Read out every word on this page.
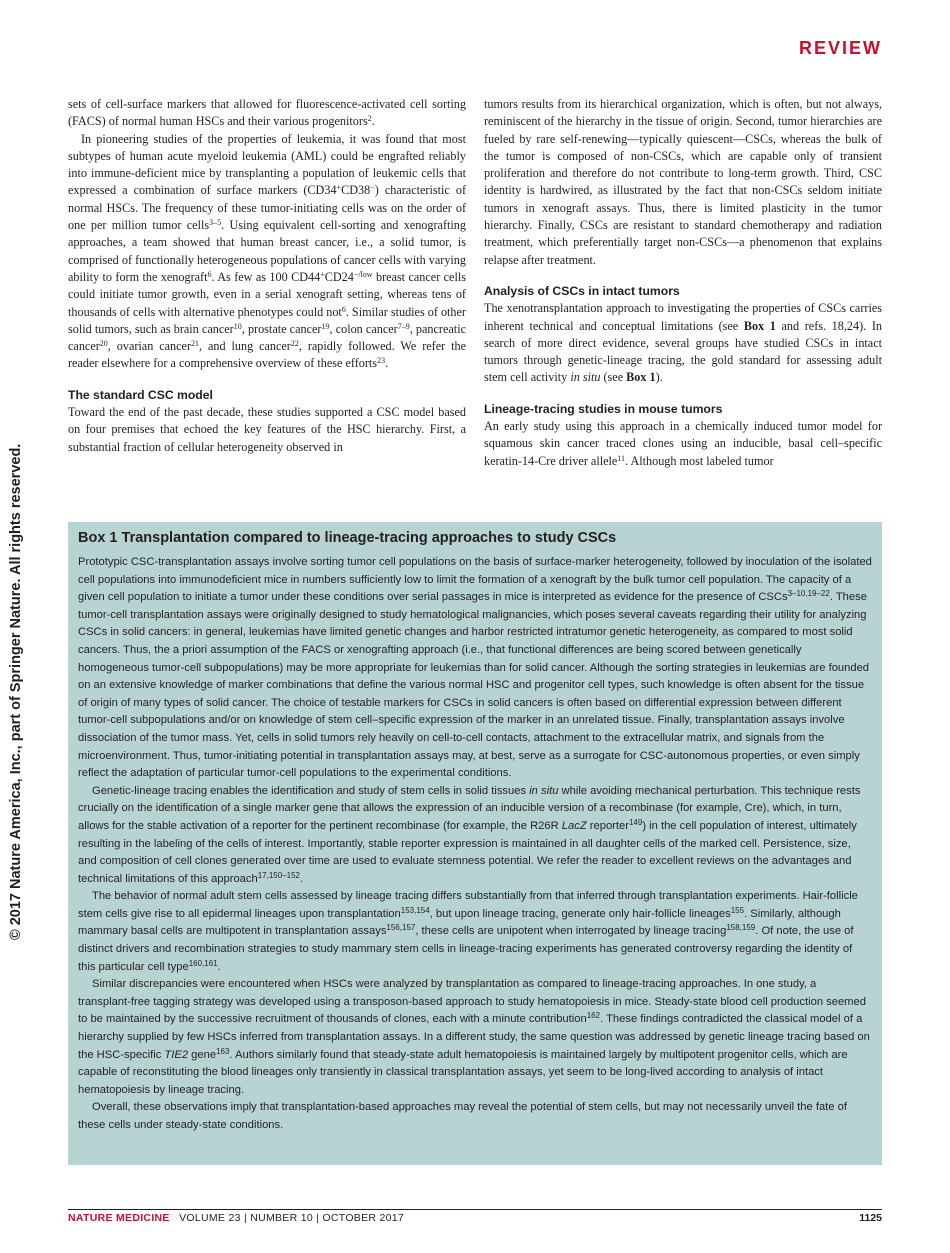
REVIEW
© 2017 Nature America, Inc., part of Springer Nature. All rights reserved.

sets of cell-surface markers that allowed for fluorescence-activated cell sorting (FACS) of normal human HSCs and their various progenitors$^2$.

In pioneering studies of the properties of leukemia, it was found that most subtypes of human acute myeloid leukemia (AML) could be engrafted reliably into immune-deficient mice by transplanting a population of leukemic cells that expressed a combination of surface markers (CD34+CD38−) characteristic of normal HSCs. The frequency of these tumor-initiating cells was on the order of one per million tumor cells$^{3-5}$. Using equivalent cell-sorting and xenografting approaches, a team showed that human breast cancer, i.e., a solid tumor, is comprised of functionally heterogeneous populations of cancer cells with varying ability to form the xenograft$^6$. As few as 100 $CD44^+CD24^{-/low}$ breast cancer cells could initiate tumor growth, even in a serial xenograft setting, whereas tens of thousands of cells with alternative phenotypes could not$^6$. Similar studies of other solid tumors, such as brain cancer$^{10}$, prostate cancer$^{19}$, colon cancer$^{7-9}$, pancreatic cancer$^{20}$, ovarian cancer$^{21}$, and lung cancer$^{22}$, rapidly followed. We refer the reader elsewhere for a comprehensive overview of these efforts$^{23}$.

The standard CSC model

Toward the end of the past decade, these studies supported a CSC model based on four premises that echoed the key features of the HSC hierarchy. First, a substantial fraction of cellular heterogeneity observed in

tumors results from its hierarchical organization, which is often, but not always, reminiscent of the hierarchy in the tissue of origin. Second, tumor hierarchies are fueled by rare self-renewing—typically quiescent—CSCs, whereas the bulk of the tumor is composed of non-CSCs, which are capable only of transient proliferation and therefore do not contribute to long-term growth. Third, CSC identity is hardwired, as illustrated by the fact that non-CSCs seldom initiate tumors in xenograft assays. Thus, there is limited plasticity in the tumor hierarchy. Finally, CSCs are resistant to standard chemotherapy and radiation treatment, which preferentially target non-CSCs—a phenomenon that explains relapse after treatment.

Analysis of CSCs in intact tumors

The xenotransplantation approach to investigating the properties of CSCs carries inherent technical and conceptual limitations (see Box 1 and refs. 18,24). In search of more direct evidence, several groups have studied CSCs in intact tumors through genetic-lineage tracing, the gold standard for assessing adult stem cell activity in situ (see Box 1).

Lineage-tracing studies in mouse tumors

An early study using this approach in a chemically induced tumor model for squamous skin cancer traced clones using an inducible, basal cell–specific keratin-14-Cre driver allele$^{11}$. Although most labeled tumor

Box 1 Transplantation compared to lineage-tracing approaches to study CSCs

Prototypic CSC-transplantation assays involve sorting tumor cell populations on the basis of surface-marker heterogeneity, followed by inoculation of the isolated cell populations into immunodeficient mice in numbers sufficiently low to limit the formation of a xenograft by the bulk tumor cell population. The capacity of a given cell population to initiate a tumor under these conditions over serial passages in mice is interpreted as evidence for the presence of CSCs$^{3-10,19-22}$. These tumor-cell transplantation assays were originally designed to study hematological malignancies, which poses several caveats regarding their utility for analyzing CSCs in solid cancers: in general, leukemias have limited genetic changes and harbor restricted intratumor genetic heterogeneity, as compared to most solid cancers. Thus, the a priori assumption of the FACS or xenografting approach (i.e., that functional differences are being scored between genetically homogeneous tumor-cell subpopulations) may be more appropriate for leukemias than for solid cancer. Although the sorting strategies in leukemias are founded on an extensive knowledge of marker combinations that define the various normal HSC and progenitor cell types, such knowledge is often absent for the tissue of origin of many types of solid cancer. The choice of testable markers for CSCs in solid cancers is often based on differential expression between different tumor-cell subpopulations and/or on knowledge of stem cell–specific expression of the marker in an unrelated tissue. Finally, transplantation assays involve dissociation of the tumor mass. Yet, cells in solid tumors rely heavily on cell-to-cell contacts, attachment to the extracellular matrix, and signals from the microenvironment. Thus, tumor-initiating potential in transplantation assays may, at best, serve as a surrogate for CSC-autonomous properties, or even simply reflect the adaptation of particular tumor-cell populations to the experimental conditions.

Genetic-lineage tracing enables the identification and study of stem cells in solid tissues in situ while avoiding mechanical perturbation. This technique rests crucially on the identification of a single marker gene that allows the expression of an inducible version of a recombinase (for example, Cre), which, in turn, allows for the stable activation of a reporter for the pertinent recombinase (for example, the R26R LacZ reporter$^{149}$) in the cell population of interest, ultimately resulting in the labeling of the cells of interest. Importantly, stable reporter expression is maintained in all daughter cells of the marked cell. Persistence, size, and composition of cell clones generated over time are used to evaluate stemness potential. We refer the reader to excellent reviews on the advantages and technical limitations of this approach$^{17,150-152}$.

The behavior of normal adult stem cells assessed by lineage tracing differs substantially from that inferred through transplantation experiments. Hair-follicle stem cells give rise to all epidermal lineages upon transplantation$^{153,154}$, but upon lineage tracing, generate only hair-follicle lineages$^{155}$. Similarly, although mammary basal cells are multipotent in transplantation assays$^{156,157}$, these cells are unipotent when interrogated by lineage tracing$^{158,159}$. Of note, the use of distinct drivers and recombination strategies to study mammary stem cells in lineage-tracing experiments has generated controversy regarding the identity of this particular cell type$^{160,161}$.

Similar discrepancies were encountered when HSCs were analyzed by transplantation as compared to lineage-tracing approaches. In one study, a transplant-free tagging strategy was developed using a transposon-based approach to study hematopoiesis in mice. Steady-state blood cell production seemed to be maintained by the successive recruitment of thousands of clones, each with a minute contribution$^{162}$. These findings contradicted the classical model of a hierarchy supplied by few HSCs inferred from transplantation assays. In a different study, the same question was addressed by genetic lineage tracing based on the HSC-specific TIE2 gene$^{163}$. Authors similarly found that steady-state adult hematopoiesis is maintained largely by multipotent progenitor cells, which are capable of reconstituting the blood lineages only transiently in classical transplantation assays, yet seem to be long-lived according to analysis of intact hematopoiesis by lineage tracing.

Overall, these observations imply that transplantation-based approaches may reveal the potential of stem cells, but may not necessarily unveil the fate of these cells under steady-state conditions.

NATURE MEDICINE VOLUME 23 | NUMBER 10 | OCTOBER 2017	1125
